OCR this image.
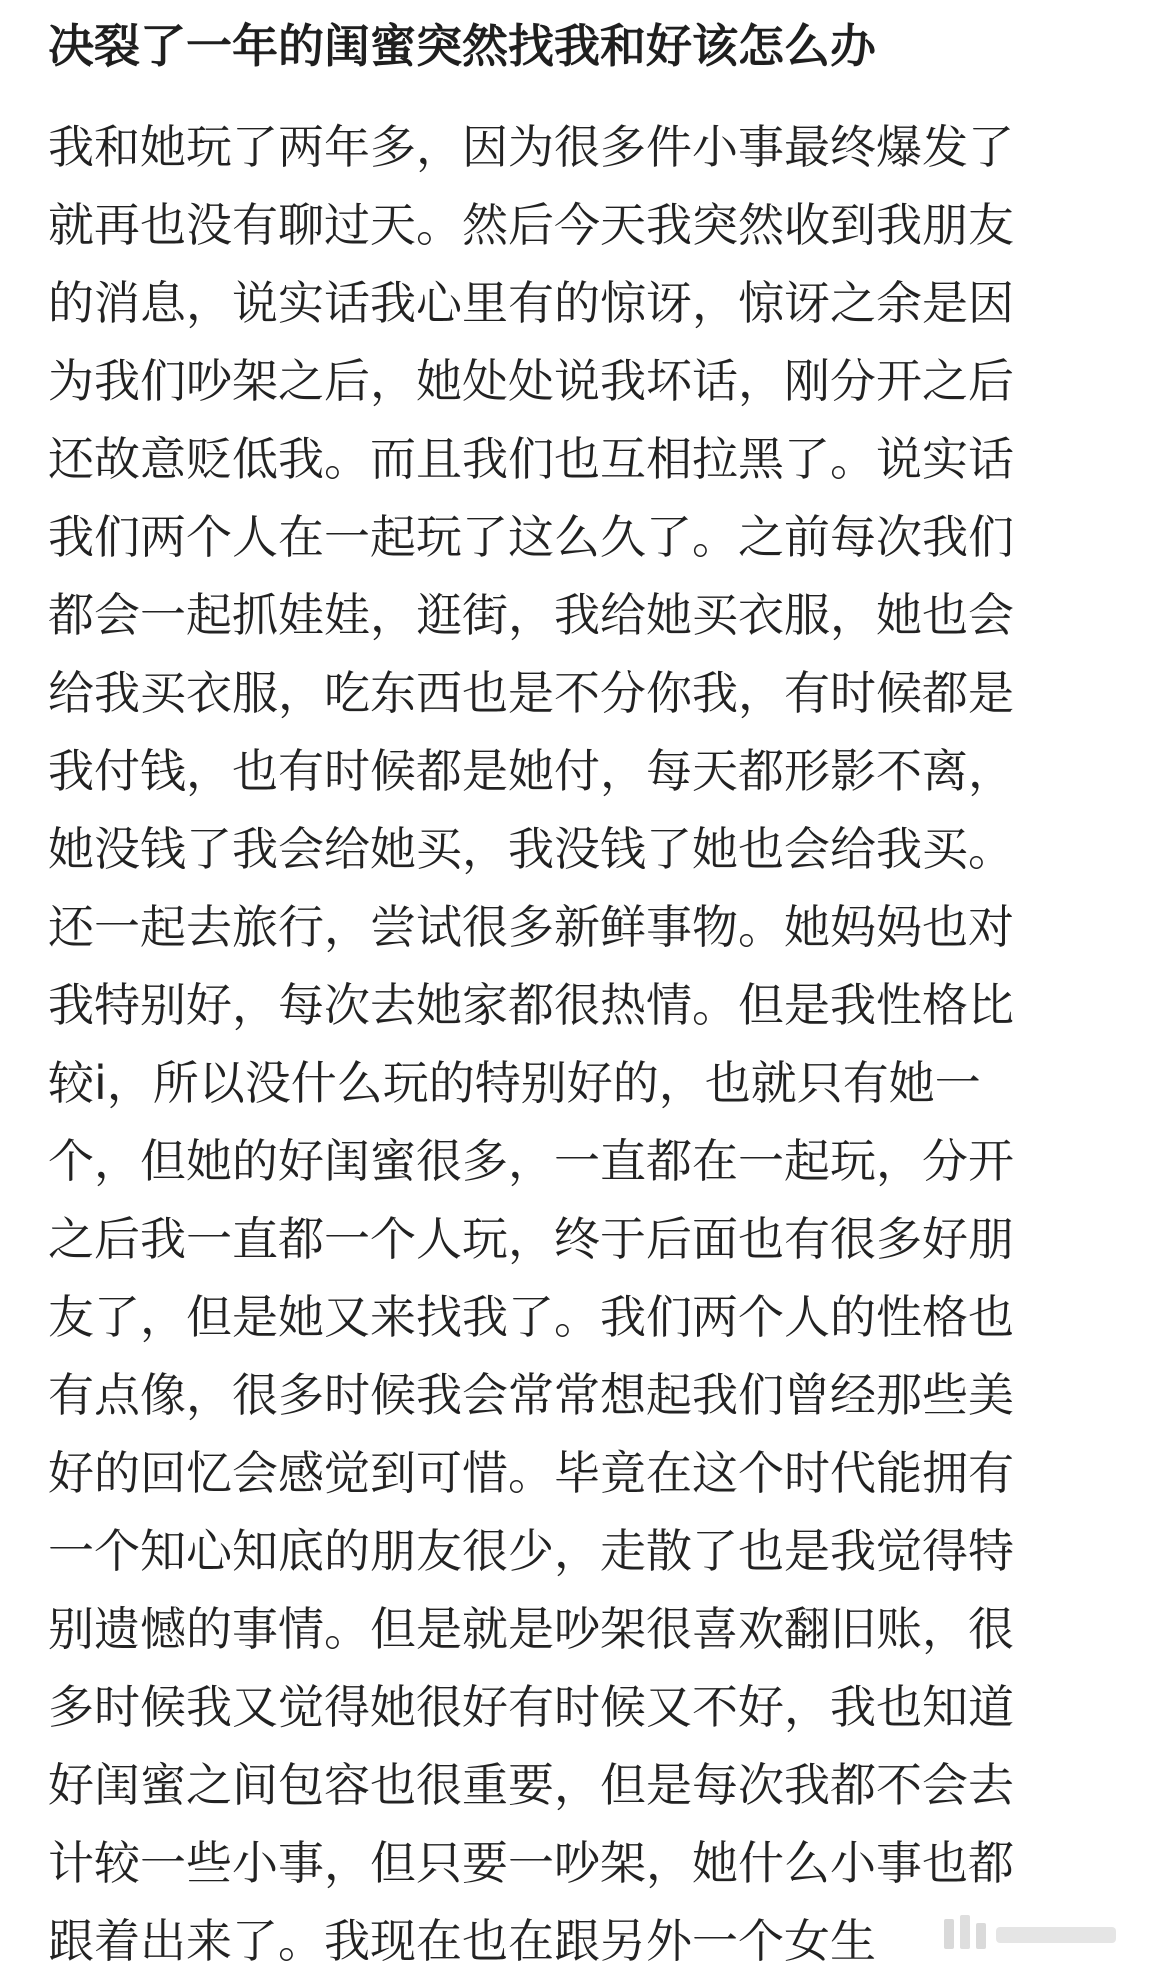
决裂了一年的闺蜜突然找我和好该怎么办
我和她玩了两年多，因为很多件小事最终爆发了
就再也没有聊过天。然后今天我突然收到我朋友
的消息，说实话我心里有的惊讶，惊讶之余是因
为我们吵架之后，她处处说我坏话，刚分开之后
还故意贬低我。而且我们也互相拉黑了。说实话
我们两个人在一起玩了这么久了。之前每次我们
都会一起抓娃娃，逛街，我给她买衣服，她也会
给我买衣服，吃东西也是不分你我，有时候都是
我付钱，也有时候都是她付，每天都形影不离，
她没钱了我会给她买，我没钱了她也会给我买。
还一起去旅行，尝试很多新鲜事物。她妈妈也对
我特别好，每次去她家都很热情。但是我性格比
较i，所以没什么玩的特别好的，也就只有她一
个，但她的好闺蜜很多，一直都在一起玩，分开
之后我一直都一个人玩，终于后面也有很多好朋
友了，但是她又来找我了。我们两个人的性格也
有点像，很多时候我会常常想起我们曾经那些美
好的回忆会感觉到可惜。毕竟在这个时代能拥有
一个知心知底的朋友很少，走散了也是我觉得特
别遗憾的事情。但是就是吵架很喜欢翻旧账，很
多时候我又觉得她很好有时候又不好，我也知道
好闺蜜之间包容也很重要，但是每次我都不会去
计较一些小事，但只要一吵架，她什么小事也都
跟着出来了。我现在也在跟另外一个女生
